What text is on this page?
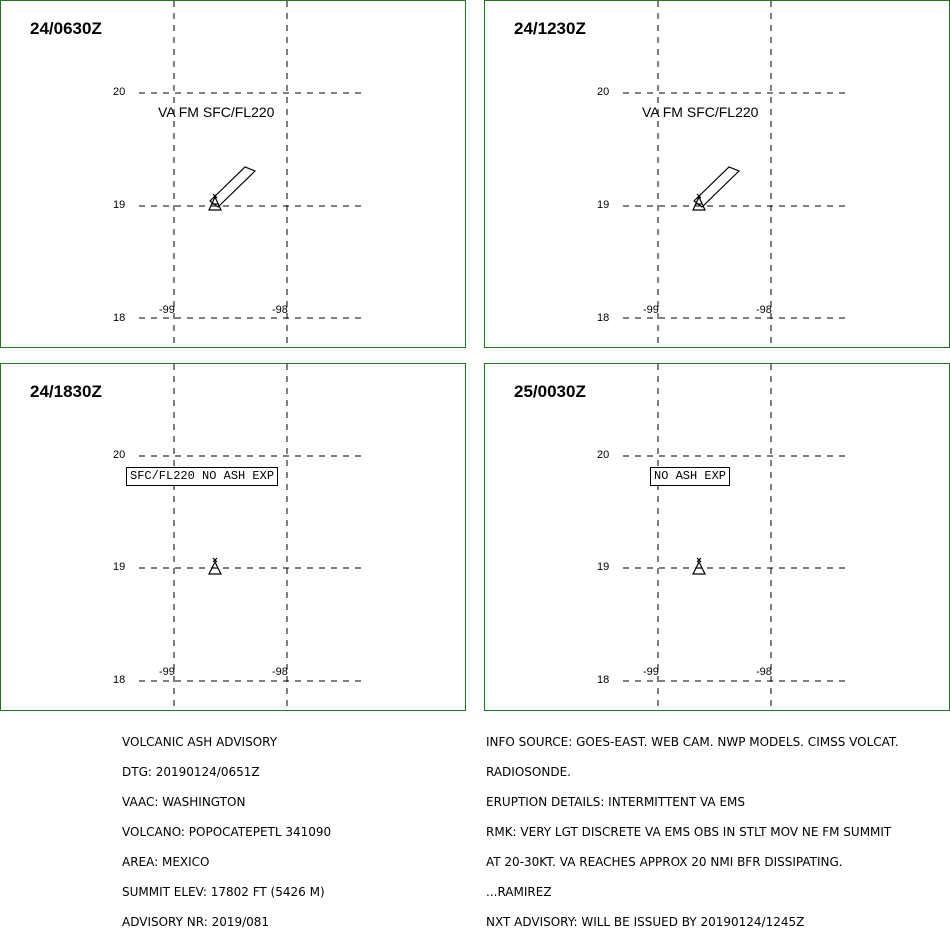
24/0630Z
20
19
18
-99	-98
VA FM SFC/FL220
24/1230Z
20
19
18
-99	-98
VA FM SFC/FL220
24/1830Z
20
19
18
-99	-98
SFC/FL220 NO ASH EXP
25/0030Z
20
19
18
-99	-98
NO ASH EXP

VOLCANIC ASH ADVISORY

DTG: 20190124/0651Z

VAAC: WASHINGTON

VOLCANO: POPOCATEPETL 341090

AREA: MEXICO

SUMMIT ELEV: 17802 FT (5426 M)

ADVISORY NR: 2019/081

INFO SOURCE: GOES-EAST. WEB CAM. NWP MODELS. CIMSS VOLCAT.

RADIOSONDE.

ERUPTION DETAILS: INTERMITTENT VA EMS

RMK: VERY LGT DISCRETE VA EMS OBS IN STLT MOV NE FM SUMMIT

AT 20-30KT. VA REACHES APPROX 20 NMI BFR DISSIPATING.

...RAMIREZ

NXT ADVISORY: WILL BE ISSUED BY 20190124/1245Z
